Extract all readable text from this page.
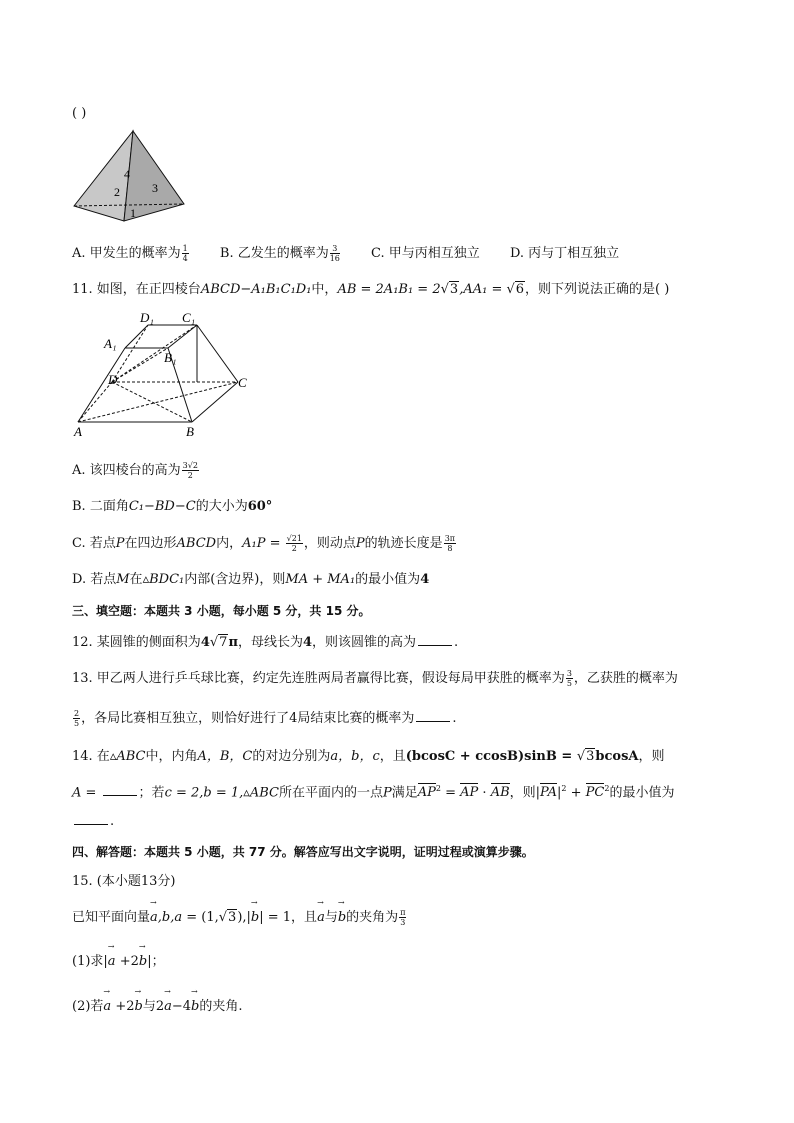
( )
4
2	3
1
A. 甲发生的概率为 $\frac{1}{4} B$. 乙发生的概率为 $\frac{3}{16} C$. 甲与丙相互独立 D. 丙与丁相互独立
11. 如图，在正四棱台ABCD−A₁B₁C₁D₁中，AB = 2A₁B₁ = 2√3,AA₁ = √6，则下列说法正确的是( )
D₁ C₁
A₁
B₁
D	C
A	B
A. 该四棱台的高为 $\frac{3√2}{2}$
B. 二面角C₁−BD−C的大小为60°
C. 若点P在四边形ABCD内，$A_1P = \frac{√21}{2}$ ，则动点P的轨迹长度是 $\frac{3\pi}{8}$
D. 若点M在▵BDC₁内部(含边界)，则MA + MA₁的最小值为4
三、填空题：本题共 3 小题，每小题 5 分，共 15 分。
12. 某圆锥的侧面积为4√7π，母线长为4，则该圆锥的高为	.
13. 甲乙两人进行乒乓球比赛，约定先连胜两局者赢得比赛，假设每局甲获胜的概率为 $\frac{3}{5}$ ，乙获胜的概率为
$\frac{2}{5}$ ，各局比赛相互独立，则恰好进行了4局结束比赛的概率为	.
14. 在▵ABC中，内角A，B，C的对边分别为a，b，c，且(bcosC + ccosB)sinB = √3bcosA，则
A =	；若c = 2,b = 1,▵ABC所在平面内的一点P满足$AP^2$ = AP · AB，则$|PA|^2 + PC^2$的最小值为
.
四、解答题：本题共 5 小题，共 77 分。解答应写出文字说明，证明过程或演算步骤。
15. (本小题13分)
已知平面向量→ a,b,a = (1,√3),|→ b| = 1，且→ a与→ b的夹角为 $\frac{\pi}{3}$
(1)求|→ a +2→ b|；
(2)若→ a +2→ b与2→ a−4→ b的夹角.
